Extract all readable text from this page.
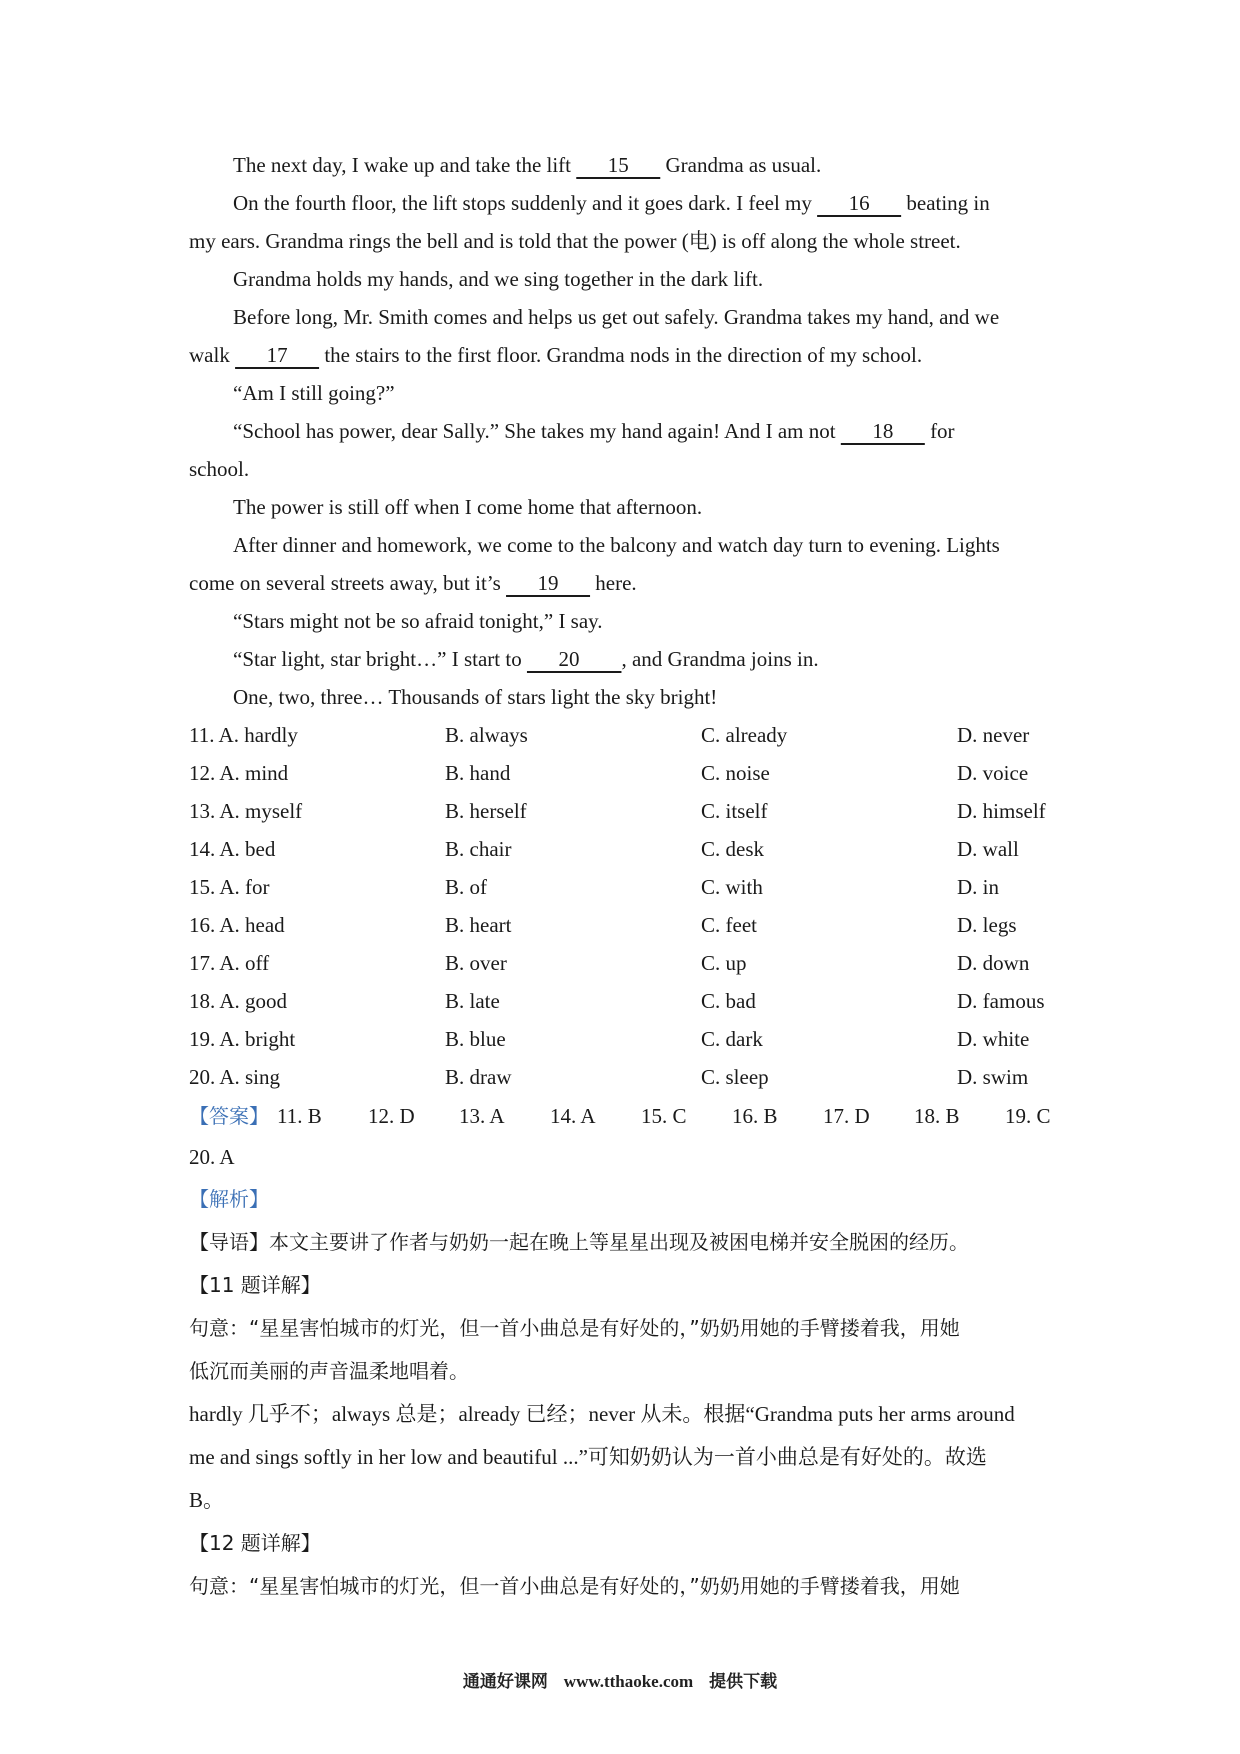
The next day, I wake up and take the lift       15       Grandma as usual.
On the fourth floor, the lift stops suddenly and it goes dark. I feel my       16       beating in
my ears. Grandma rings the bell and is told that the power (电) is off along the whole street.
Grandma holds my hands, and we sing together in the dark lift.
Before long, Mr. Smith comes and helps us get out safely. Grandma takes my hand, and we
walk       17       the stairs to the first floor. Grandma nods in the direction of my school.
“Am I still going?”
“School has power, dear Sally.” She takes my hand again! And I am not       18       for
school.
The power is still off when I come home that afternoon.
After dinner and homework, we come to the balcony and watch day turn to evening. Lights
come on several streets away, but it’s       19       here.
“Stars might not be so afraid tonight,” I say.
“Star light, star bright…” I start to       20        , and Grandma joins in.
One, two, three… Thousands of stars light the sky bright!
11. A. hardly	B. always	C. already	D. never
12. A. mind	B. hand	C. noise	D. voice
13. A. myself	B. herself	C. itself	D. himself
14. A. bed	B. chair	C. desk	D. wall
15. A. for	B. of	C. with	D. in
16. A. head	B. heart	C. feet	D. legs
17. A. off	B. over	C. up	D. down
18. A. good	B. late	C. bad	D. famous
19. A. bright	B. blue	C. dark	D. white
20. A. sing	B. draw	C. sleep	D. swim
【答案】 11. B 12. D 13. A 14. A 15. C 16. B 17. D 18. B 19. C
20. A
【解析】
【导语】本文主要讲了作者与奶奶一起在晚上等星星出现及被困电梯并安全脱困的经历。
【11 题详解】
句意：“星星害怕城市的灯光，但一首小曲总是有好处的，”奶奶用她的手臂搂着我，用她
低沉而美丽的声音温柔地唱着。
hardly 几乎不；always 总是；already 已经；never 从未。根据“Grandma puts her arms around
me and sings softly in her low and beautiful ...”可知奶奶认为一首小曲总是有好处的。故选
B。
【12 题详解】
句意：“星星害怕城市的灯光，但一首小曲总是有好处的，”奶奶用她的手臂搂着我，用她
通通好课网 www.tthaoke.com 提供下载
